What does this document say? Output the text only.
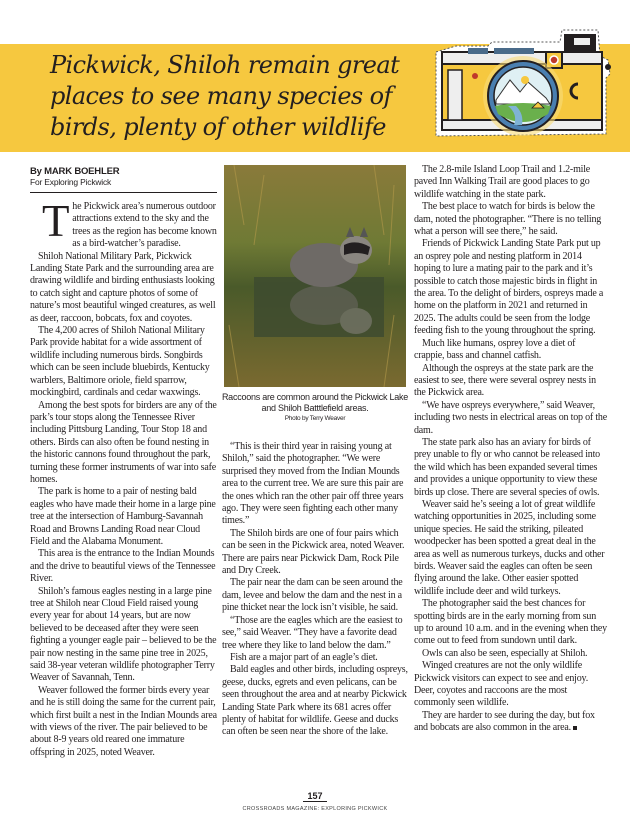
Pickwick, Shiloh remain great places to see many species of birds, plenty of other wildlife

By MARK BOEHLER

For Exploring Pickwick

The Pickwick area’s numerous outdoor attractions extend to the sky and the trees as the region has become known as a bird-watcher’s paradise.

Shiloh National Military Park, Pickwick Landing State Park and the surrounding area are drawing wildlife and birding enthusiasts looking to catch sight and capture photos of some of nature’s most beautiful winged creatures, as well as deer, raccoon, bobcats, fox and coyotes.

The 4,200 acres of Shiloh National Military Park provide habitat for a wide assortment of wildlife including numerous birds. Songbirds which can be seen include bluebirds, Kentucky warblers, Baltimore oriole, field sparrow, mockingbird, cardinals and cedar waxwings.

Among the best spots for birders are any of the park’s tour stops along the Tennessee River including Pittsburg Landing, Tour Stop 18 and others. Birds can also often be found nesting in the historic cannons found throughout the park, turning these former instruments of war into safe homes.

The park is home to a pair of nesting bald eagles who have made their home in a large pine tree at the intersection of Hamburg-Savannah Road and Browns Landing Road near Cloud Field and the Alabama Monument.

This area is the entrance to the Indian Mounds and the drive to beautiful views of the Tennessee River.

Shiloh’s famous eagles nesting in a large pine tree at Shiloh near Cloud Field raised young every year for about 14 years, but are now believed to be deceased after they were seen fighting a younger eagle pair – believed to be the pair now nesting in the same pine tree in 2025, said 38-year veteran wildlife photographer Terry Weaver of Savannah, Tenn.

Weaver followed the former birds every year and he is still doing the same for the current pair, which first built a nest in the Indian Mounds area with views of the river. The pair believed to be about 8-9 years old reared one immature offspring in 2025, noted Weaver.

Raccoons are common around the Pickwick Lake and Shiloh Batttlefield areas.
Photo by Terry Weaver

“This is their third year in raising young at Shiloh,” said the photographer. “We were surprised they moved from the Indian Mounds area to the current tree. We are sure this pair are the ones which ran the other pair off three years ago. They were seen fighting each other many times.”

The Shiloh birds are one of four pairs which can be seen in the Pickwick area, noted Weaver. There are pairs near Pickwick Dam, Rock Pile and Dry Creek.

The pair near the dam can be seen around the dam, levee and below the dam and the nest in a pine thicket near the lock isn’t visible, he said.

“Those are the eagles which are the easiest to see,” said Weaver. “They have a favorite dead tree where they like to land below the dam.”

Fish are a major part of an eagle’s diet.

Bald eagles and other birds, including ospreys, geese, ducks, egrets and even pelicans, can be seen throughout the area and at nearby Pickwick Landing State Park where its 681 acres offer plenty of habitat for wildlife. Geese and ducks can often be seen near the shore of the lake.

The 2.8-mile Island Loop Trail and 1.2-mile paved Inn Walking Trail are good places to go wildlife watching in the state park.

The best place to watch for birds is below the dam, noted the photographer. “There is no telling what a person will see there,” he said.

Friends of Pickwick Landing State Park put up an osprey pole and nesting platform in 2014 hoping to lure a mating pair to the park and it’s possible to catch those majestic birds in flight in the area. To the delight of birders, ospreys made a home on the platform in 2021 and returned in 2025. The adults could be seen from the lodge feeding fish to the young throughout the spring.

Much like humans, osprey love a diet of crappie, bass and channel catfish.

Although the ospreys at the state park are the easiest to see, there were several osprey nests in the Pickwick area.

“We have ospreys everywhere,” said Weaver, including two nests in electrical areas on top of the dam.

The state park also has an aviary for birds of prey unable to fly or who cannot be released into the wild which has been expanded several times and provides a unique opportunity to view these birds up close. There are several species of owls.

Weaver said he’s seeing a lot of great wildlife watching opportunities in 2025, including some unique species. He said the striking, pileated woodpecker has been spotted a great deal in the area as well as numerous turkeys, ducks and other birds. Weaver said the eagles can often be seen flying around the lake. Other easier spotted wildlife include deer and wild turkeys.

The photographer said the best chances for spotting birds are in the early morning from sun up to around 10 a.m. and in the evening when they come out to feed from sundown until dark.

Owls can also be seen, especially at Shiloh.

Winged creatures are not the only wildlife Pickwick visitors can expect to see and enjoy. Deer, coyotes and raccoons are the most commonly seen wildlife.

They are harder to see during the day, but fox and bobcats are also common in the area.

157
CROSSROADS MAGAZINE: EXPLORING PICKWICK
